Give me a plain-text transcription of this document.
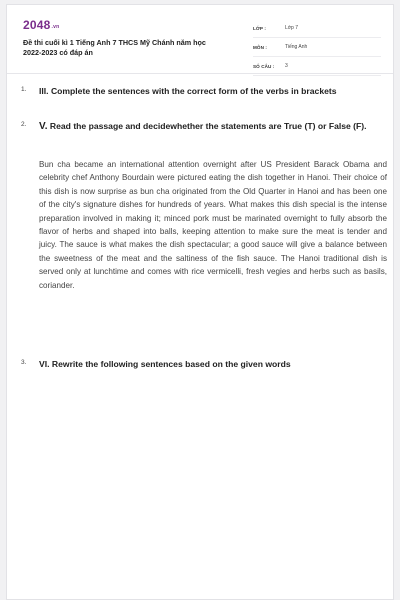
2048.vn
Đề thi cuối kì 1 Tiếng Anh 7 THCS Mỹ Chánh năm học 2022-2023 có đáp án
LỚP :	Lớp 7
MÔN :	Tiếng Anh
SỐ CÂU :	3
1. III. Complete the sentences with the correct form of the verbs in brackets
2. V. Read the passage and decidewhether the statements are True (T) or False (F).
Bun cha became an international attention overnight after US President Barack Obama and celebrity chef Anthony Bourdain were pictured eating the dish together in Hanoi. Their choice of this dish is now surprise as bun cha originated from the Old Quarter in Hanoi and has been one of the city's signature dishes for hundreds of years. What makes this dish special is the intense preparation involved in making it; minced pork must be marinated overnight to fully absorb the flavor of herbs and shaped into balls, keeping attention to make sure the meat is tender and juicy. The sauce is what makes the dish spectacular; a good sauce will give a balance between the sweetness of the meat and the saltiness of the fish sauce. The Hanoi traditional dish is served only at lunchtime and comes with rice vermicelli, fresh vegies and herbs such as basils, coriander.
3. VI. Rewrite the following sentences based on the given words
